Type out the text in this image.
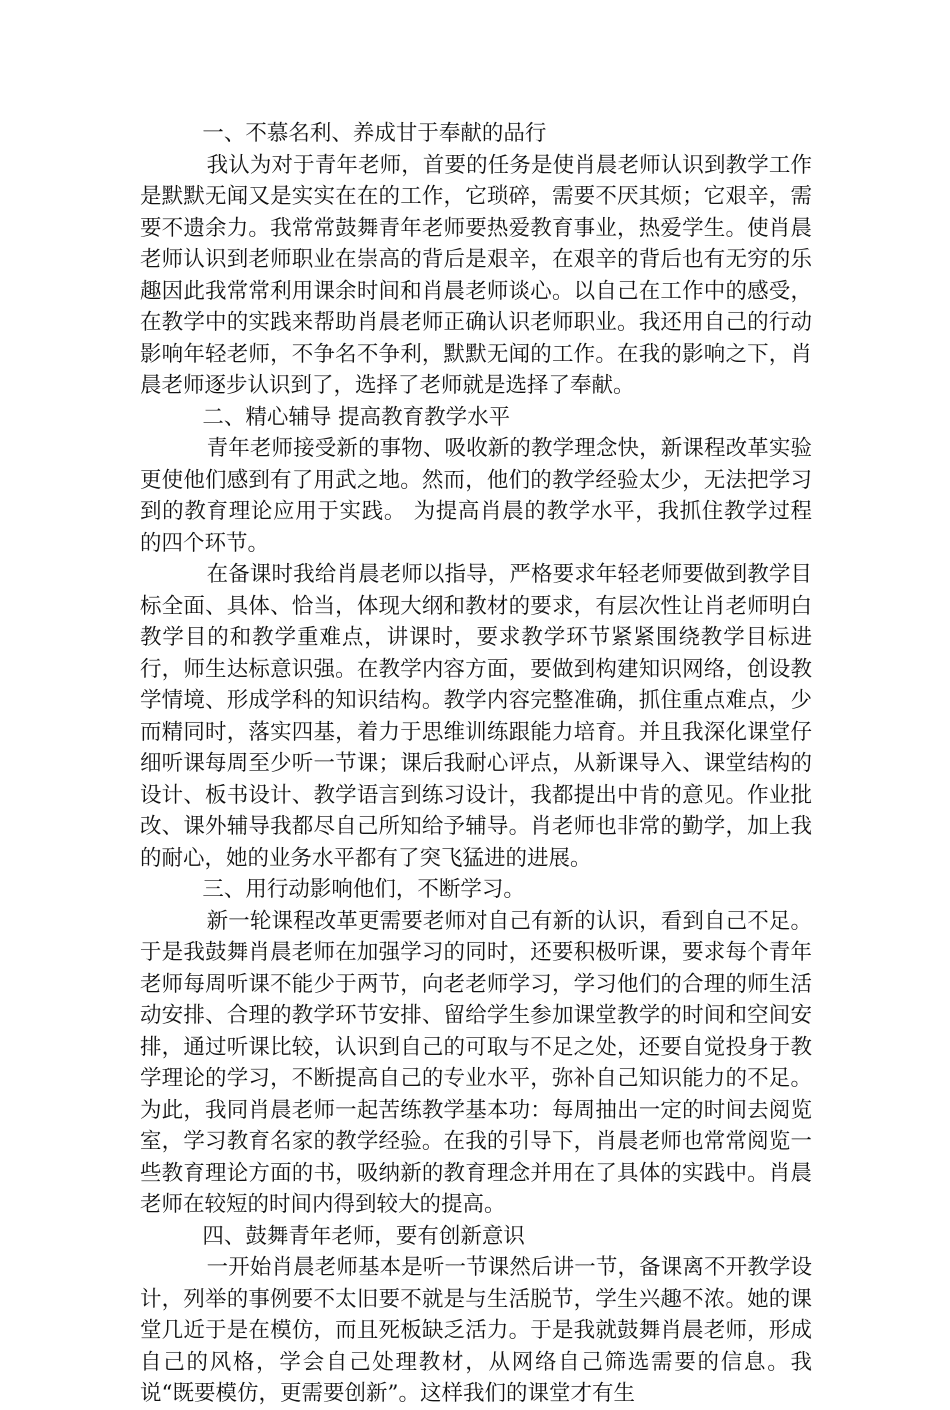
一、不慕名利、养成甘于奉献的品行

我认为对于青年老师，首要的任务是使肖晨老师认识到教学工作是默默无闻又是实实在在的工作，它琐碎，需要不厌其烦；它艰辛，需要不遗余力。我常常鼓舞青年老师要热爱教育事业，热爱学生。使肖晨老师认识到老师职业在崇高的背后是艰辛，在艰辛的背后也有无穷的乐趣因此我常常利用课余时间和肖晨老师谈心。以自己在工作中的感受，在教学中的实践来帮助肖晨老师正确认识老师职业。我还用自己的行动影响年轻老师，不争名不争利，默默无闻的工作。在我的影响之下，肖晨老师逐步认识到了，选择了老师就是选择了奉献。

二、精心辅导 提高教育教学水平

青年老师接受新的事物、吸收新的教学理念快，新课程改革实验更使他们感到有了用武之地。然而，他们的教学经验太少，无法把学习到的教育理论应用于实践。 为提高肖晨的教学水平，我抓住教学过程的四个环节。

在备课时我给肖晨老师以指导，严格要求年轻老师要做到教学目标全面、具体、恰当，体现大纲和教材的要求，有层次性让肖老师明白教学目的和教学重难点，讲课时，要求教学环节紧紧围绕教学目标进行，师生达标意识强。在教学内容方面，要做到构建知识网络，创设教学情境、形成学科的知识结构。教学内容完整准确，抓住重点难点，少而精同时，落实四基，着力于思维训练跟能力培育。并且我深化课堂仔细听课每周至少听一节课；课后我耐心评点，从新课导入、课堂结构的设计、板书设计、教学语言到练习设计，我都提出中肯的意见。作业批改、课外辅导我都尽自己所知给予辅导。肖老师也非常的勤学，加上我的耐心，她的业务水平都有了突飞猛进的进展。

三、用行动影响他们，不断学习。

新一轮课程改革更需要老师对自己有新的认识，看到自己不足。于是我鼓舞肖晨老师在加强学习的同时，还要积极听课，要求每个青年老师每周听课不能少于两节，向老老师学习，学习他们的合理的师生活动安排、合理的教学环节安排、留给学生参加课堂教学的时间和空间安排，通过听课比较，认识到自己的可取与不足之处，还要自觉投身于教学理论的学习，不断提高自己的专业水平，弥补自己知识能力的不足。为此，我同肖晨老师一起苦练教学基本功：每周抽出一定的时间去阅览室，学习教育名家的教学经验。在我的引导下，肖晨老师也常常阅览一些教育理论方面的书，吸纳新的教育理念并用在了具体的实践中。肖晨老师在较短的时间内得到较大的提高。

四、鼓舞青年老师，要有创新意识

一开始肖晨老师基本是听一节课然后讲一节，备课离不开教学设计，列举的事例要不太旧要不就是与生活脱节，学生兴趣不浓。她的课堂几近于是在模仿，而且死板缺乏活力。于是我就鼓舞肖晨老师，形成自己的风格，学会自己处理教材，从网络自己筛选需要的信息。我说“既要模仿，更需要创新”。这样我们的课堂才有生
